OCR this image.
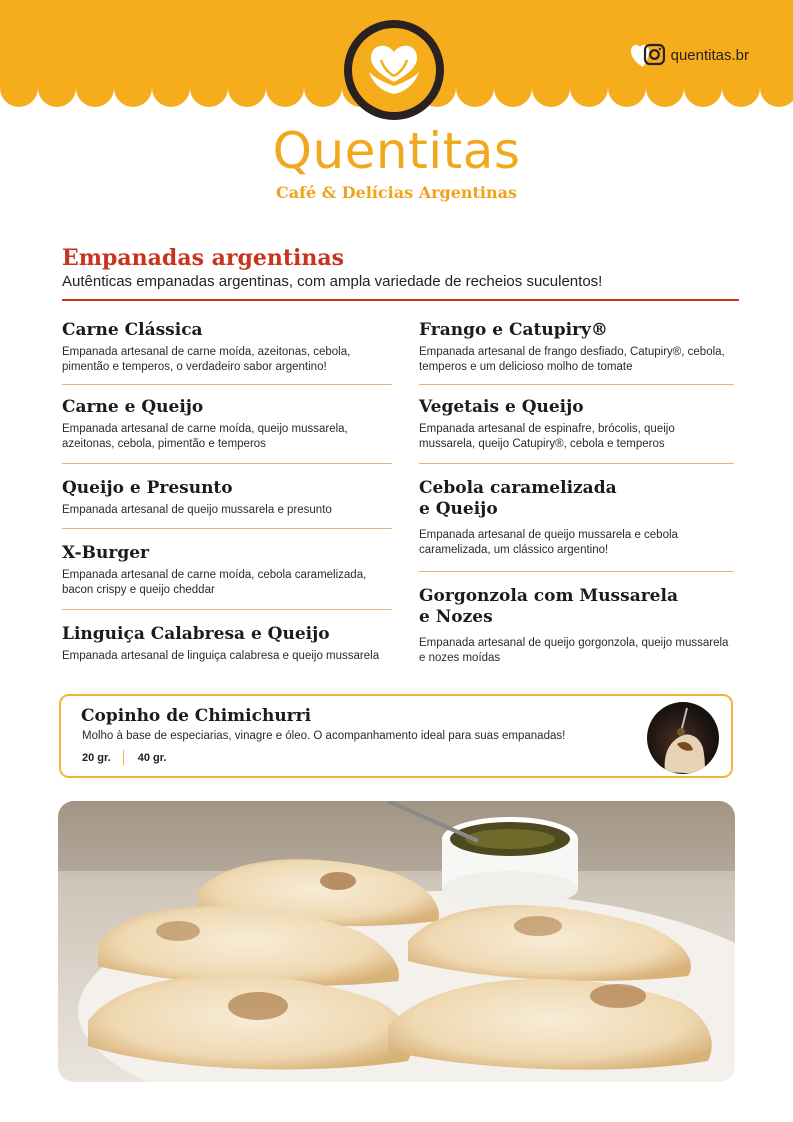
quentitas.br
Quentitas
Café & Delícias Argentinas
Empanadas argentinas
Autênticas empanadas argentinas, com ampla variedade de recheios suculentos!

Carne Clássica

Empanada artesanal de carne moída, azeitonas, cebola, pimentão e temperos, o verdadeiro sabor argentino!

Carne e Queijo

Empanada artesanal de carne moída, queijo mussarela, azeitonas, cebola, pimentão e temperos

Queijo e Presunto

Empanada artesanal de queijo mussarela e presunto

X-Burger

Empanada artesanal de carne moída, cebola caramelizada, bacon crispy e queijo cheddar

Linguiça Calabresa e Queijo

Empanada artesanal de linguiça calabresa e queijo mussarela

Frango e Catupiry®

Empanada artesanal de frango desfiado, Catupiry®, cebola, temperos e um delicioso molho de tomate

Vegetais e Queijo

Empanada artesanal de espinafre, brócolis, queijo mussarela, queijo Catupiry®, cebola e temperos

Cebola caramelizada e Queijo

Empanada artesanal de queijo mussarela e cebola caramelizada, um clássico argentino!

Gorgonzola com Mussarela e Nozes

Empanada artesanal de queijo gorgonzola, queijo mussarela e nozes moídas

Copinho de Chimichurri
Molho à base de especiarias, vinagre e óleo. O acompanhamento ideal para suas empanadas!
20 gr. 40 gr.
